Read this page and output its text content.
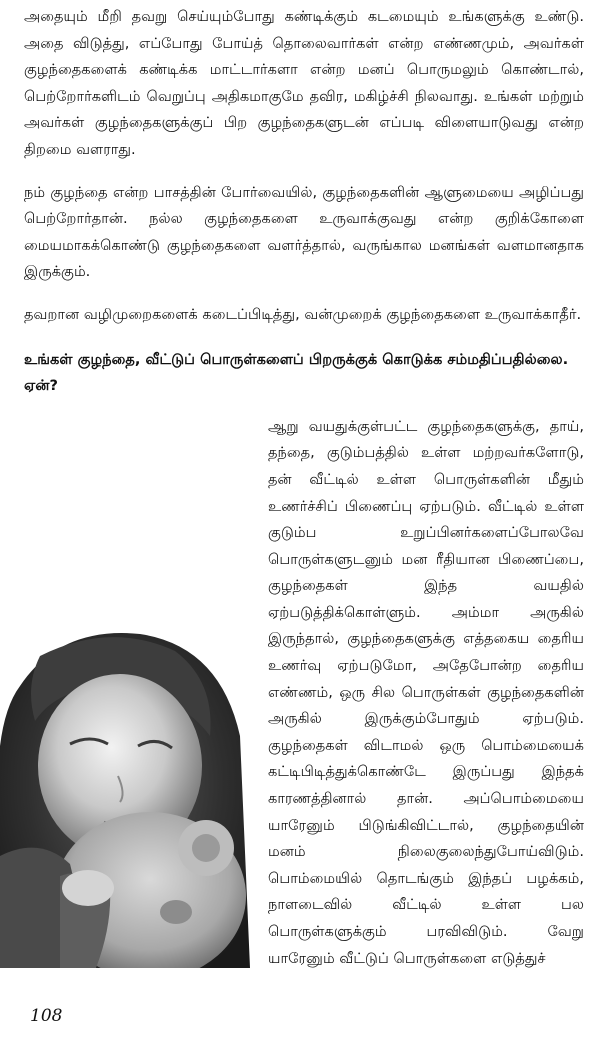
அதையும் மீறி தவறு செய்யும்போது கண்டிக்கும் கடமையும் உங்களுக்கு உண்டு. அதை விடுத்து, எப்போது போய்த் தொலைவார்கள் என்ற எண்ணமும், அவர்கள் குழந்தைகளைக் கண்டிக்க மாட்டார்களா என்ற மனப் பொருமலும் கொண்டால், பெற்றோர்களிடம் வெறுப்பு அதிகமாகுமே தவிர, மகிழ்ச்சி நிலவாது. உங்கள் மற்றும் அவர்கள் குழந்தைகளுக்குப் பிற குழந்தைகளுடன் எப்படி விளையாடுவது என்ற திறமை வளராது.

நம் குழந்தை என்ற பாசத்தின் போர்வையில், குழந்தைகளின் ஆளுமையை அழிப்பது பெற்றோர்தான். நல்ல குழந்தைகளை உருவாக்குவது என்ற குறிக்கோளை மையமாகக்கொண்டு குழந்தைகளை வளர்த்தால், வருங்கால மனங்கள் வளமானதாக இருக்கும்.

தவறான வழிமுறைகளைக் கடைப்பிடித்து, வன்முறைக் குழந்தைகளை உருவாக்காதீர்.

உங்கள் குழந்தை, வீட்டுப் பொருள்களைப் பிறருக்குக் கொடுக்க சம்மதிப்பதில்லை. ஏன்?

ஆறு வயதுக்குள்பட்ட குழந்தைகளுக்கு, தாய், தந்தை, குடும்பத்தில் உள்ள மற்றவர்களோடு, தன் வீட்டில் உள்ள பொருள்களின் மீதும் உணர்ச்சிப் பிணைப்பு ஏற்படும். வீட்டில் உள்ள குடும்ப உறுப்பினர்களைப்போலவே பொருள்களுடனும் மன ரீதியான பிணைப்பை, குழந்தைகள் இந்த வயதில் ஏற்படுத்திக்கொள்ளும். அம்மா அருகில் இருந்தால், குழந்தைகளுக்கு எத்தகைய தைரிய உணர்வு ஏற்படுமோ, அதேபோன்ற தைரிய எண்ணம், ஒரு சில பொருள்கள் குழந்தைகளின் அருகில் இருக்கும்போதும் ஏற்படும். குழந்தைகள் விடாமல் ஒரு பொம்மையைக் கட்டிபிடித்துக்கொண்டே இருப்பது இந்தக் காரணத்தினால் தான். அப்பொம்மையை யாரேனும் பிடுங்கிவிட்டால், குழந்தையின் மனம் நிலைகுலைந்துபோய்விடும். பொம்மையில் தொடங்கும் இந்தப் பழக்கம், நாளடைவில் வீட்டில் உள்ள பல பொருள்களுக்கும் பரவிவிடும். வேறு யாரேனும் வீட்டுப் பொருள்களை எடுத்துச்
108
